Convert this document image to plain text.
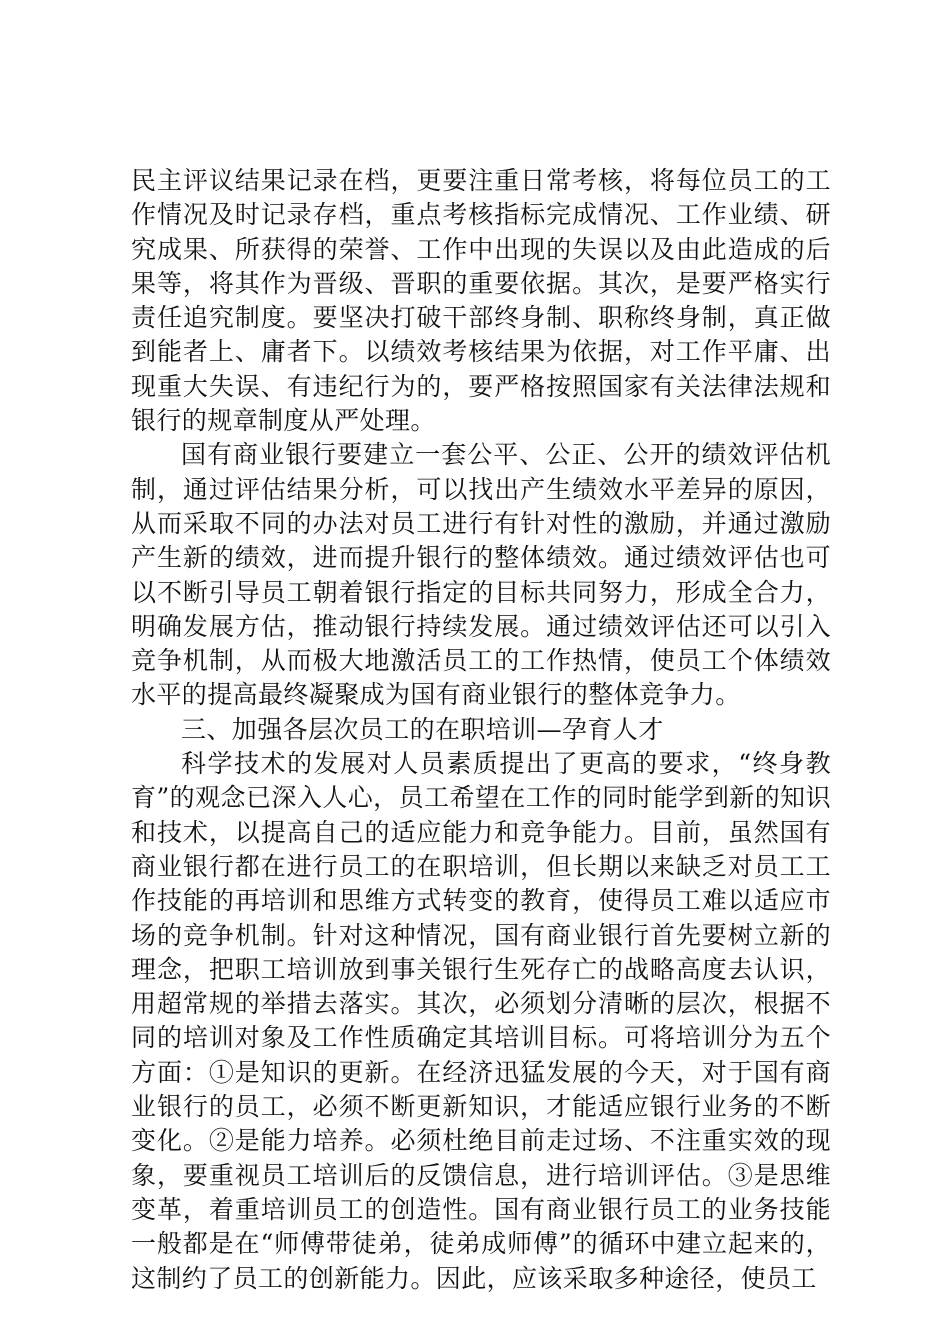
民主评议结果记录在档，更要注重日常考核，将每位员工的工作情况及时记录存档，重点考核指标完成情况、工作业绩、研究成果、所获得的荣誉、工作中出现的失误以及由此造成的后果等，将其作为晋级、晋职的重要依据。其次，是要严格实行责任追究制度。要坚决打破干部终身制、职称终身制，真正做到能者上、庸者下。以绩效考核结果为依据，对工作平庸、出现重大失误、有违纪行为的，要严格按照国家有关法律法规和银行的规章制度从严处理。

国有商业银行要建立一套公平、公正、公开的绩效评估机制，通过评估结果分析，可以找出产生绩效水平差异的原因，从而采取不同的办法对员工进行有针对性的激励，并通过激励产生新的绩效，进而提升银行的整体绩效。通过绩效评估也可以不断引导员工朝着银行指定的目标共同努力，形成全合力，明确发展方估，推动银行持续发展。通过绩效评估还可以引入竞争机制，从而极大地激活员工的工作热情，使员工个体绩效水平的提高最终凝聚成为国有商业银行的整体竞争力。

三、加强各层次员工的在职培训—孕育人才

科学技术的发展对人员素质提出了更高的要求，“终身教育”的观念已深入人心，员工希望在工作的同时能学到新的知识和技术，以提高自己的适应能力和竞争能力。目前，虽然国有商业银行都在进行员工的在职培训，但长期以来缺乏对员工工作技能的再培训和思维方式转变的教育，使得员工难以适应市场的竞争机制。针对这种情况，国有商业银行首先要树立新的理念，把职工培训放到事关银行生死存亡的战略高度去认识，用超常规的举措去落实。其次，必须划分清晰的层次，根据不同的培训对象及工作性质确定其培训目标。可将培训分为五个方面：①是知识的更新。在经济迅猛发展的今天，对于国有商业银行的员工，必须不断更新知识，才能适应银行业务的不断变化。②是能力培养。必须杜绝目前走过场、不注重实效的现象，要重视员工培训后的反馈信息，进行培训评估。③是思维变革，着重培训员工的创造性。国有商业银行员工的业务技能一般都是在“师傅带徒弟，徒弟成师傅”的循环中建立起来的，这制约了员工的创新能力。因此，应该采取多种途径，使员工
